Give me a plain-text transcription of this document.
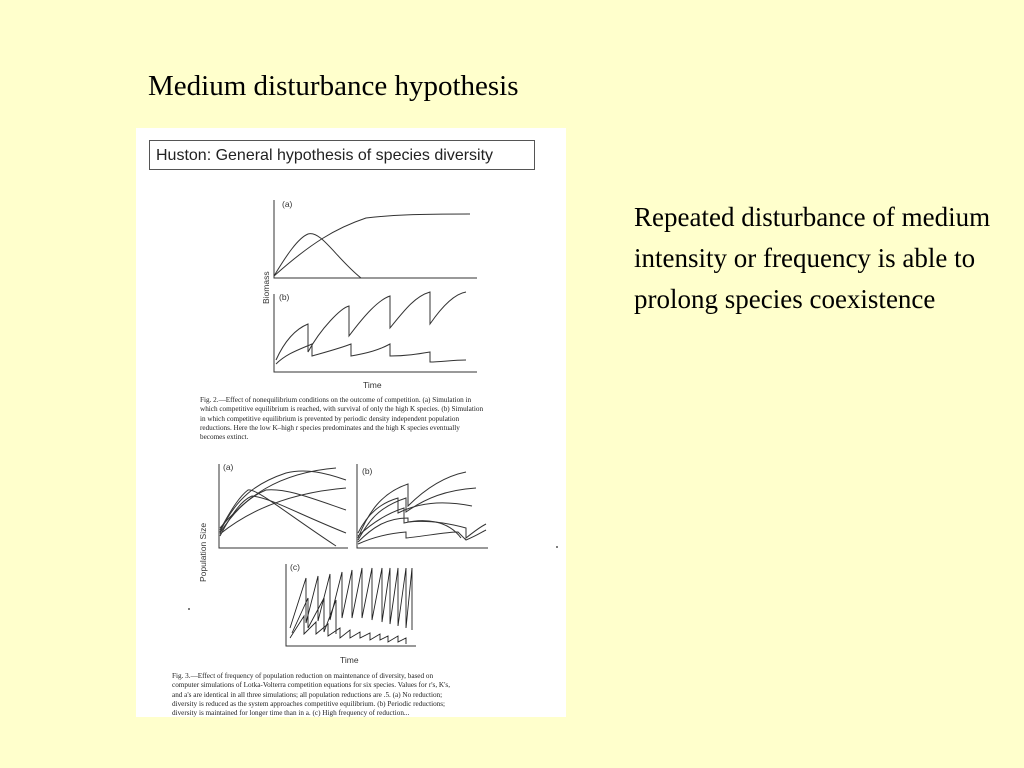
Medium disturbance hypothesis
Huston: General hypothesis of species diversity
(a)
(b)
Biomass
Time
(a)	(b)
(c)
Population Size
Time
Fig. 2.—Effect of nonequilibrium conditions on the outcome of competition. (a) Simulation in
which competitive equilibrium is reached, with survival of only the high K species. (b) Simulation
in which competitive equilibrium is prevented by periodic density independent population
reductions. Here the low K–high r species predominates and the high K species eventually
becomes extinct.
Fig. 3.—Effect of frequency of population reduction on maintenance of diversity, based on
computer simulations of Lotka-Volterra competition equations for six species. Values for r's, K's,
and a's are identical in all three simulations; all population reductions are .5. (a) No reduction;
diversity is reduced as the system approaches competitive equilibrium. (b) Periodic reductions;
diversity is maintained for longer time than in a. (c) High frequency of reduction...
Repeated disturbance of medium intensity or frequency is able to prolong species coexistence
